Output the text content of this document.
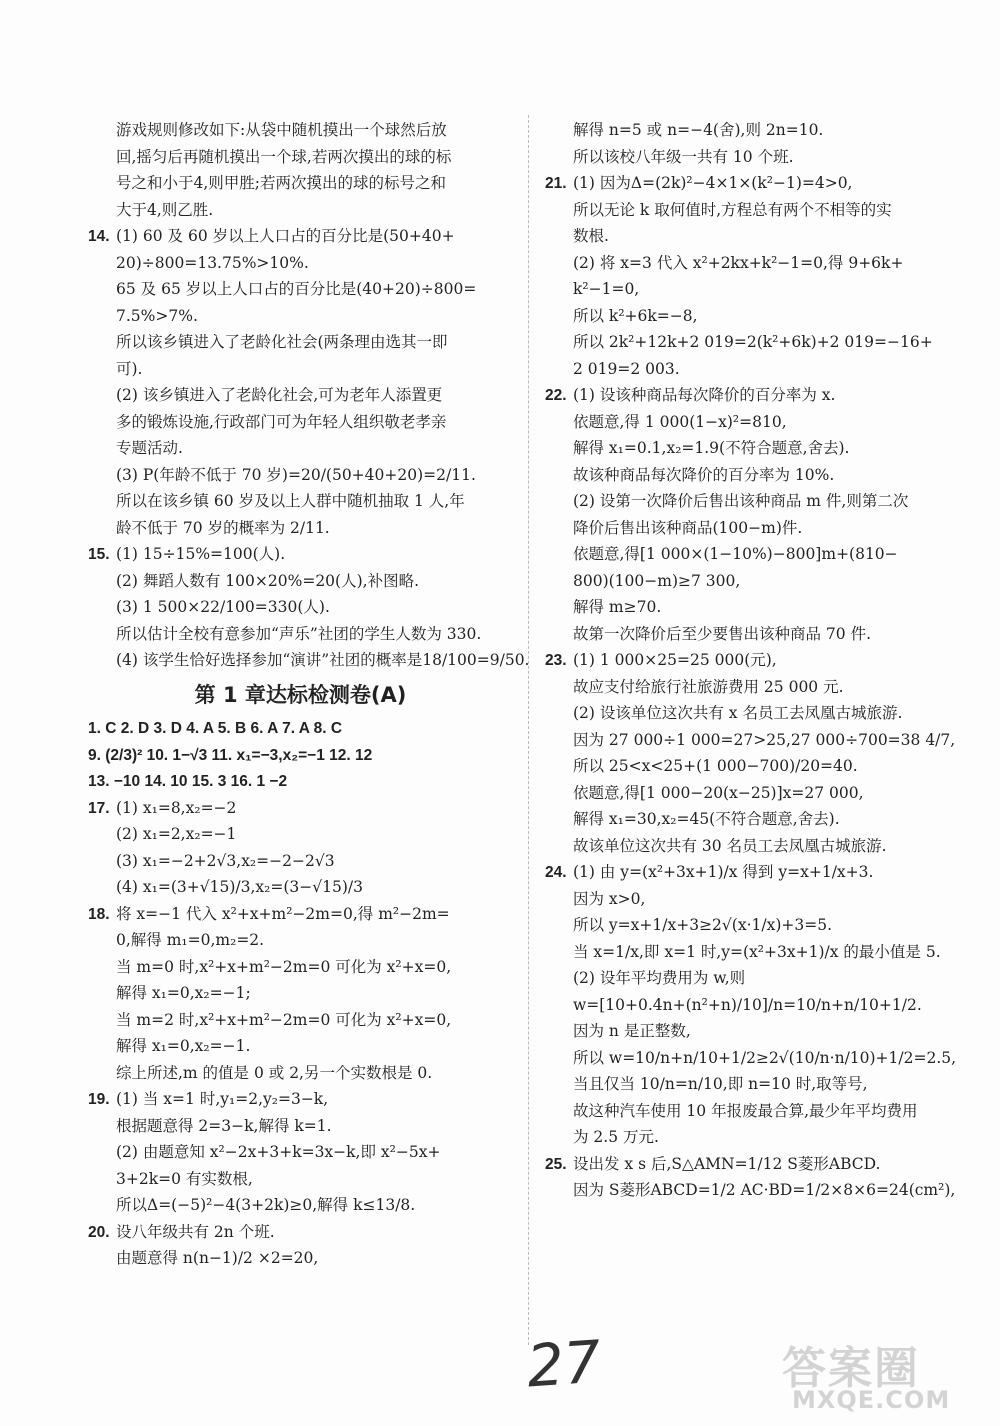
游戏规则修改如下:从袋中随机摸出一个球然后放
回,摇匀后再随机摸出一个球,若两次摸出的球的标
号之和小于4,则甲胜;若两次摸出的球的标号之和
大于4,则乙胜.
14. (1) 60 及 60 岁以上人口占的百分比是(50+40+
20)÷800=13.75%>10%.
65 及 65 岁以上人口占的百分比是(40+20)÷800=
7.5%>7%.
所以该乡镇进入了老龄化社会(两条理由选其一即
可).
(2) 该乡镇进入了老龄化社会,可为老年人添置更
多的锻炼设施,行政部门可为年轻人组织敬老孝亲
专题活动.
(3) P(年龄不低于 70 岁)=20/(50+40+20)=2/11.
所以在该乡镇 60 岁及以上人群中随机抽取 1 人,年
龄不低于 70 岁的概率为 2/11.
15. (1) 15÷15%=100(人).
(2) 舞蹈人数有 100×20%=20(人),补图略.
(3) 1 500×22/100=330(人).
所以估计全校有意参加“声乐”社团的学生人数为 330.
(4) 该学生恰好选择参加“演讲”社团的概率是18/100=9/50.
第 1 章达标检测卷(A)
1. C 2. D 3. D 4. A 5. B 6. A 7. A 8. C
9. (2/3)² 10. 1−√3 11. x₁=−3,x₂=−1 12. 12
13. −10 14. 10 15. 3 16. 1 −2
17. (1) x₁=8,x₂=−2
(2) x₁=2,x₂=−1
(3) x₁=−2+2√3,x₂=−2−2√3
(4) x₁=(3+√15)/3,x₂=(3−√15)/3
18. 将 x=−1 代入 x²+x+m²−2m=0,得 m²−2m=
0,解得 m₁=0,m₂=2.
当 m=0 时,x²+x+m²−2m=0 可化为 x²+x=0,
解得 x₁=0,x₂=−1;
当 m=2 时,x²+x+m²−2m=0 可化为 x²+x=0,
解得 x₁=0,x₂=−1.
综上所述,m 的值是 0 或 2,另一个实数根是 0.
19. (1) 当 x=1 时,y₁=2,y₂=3−k,
根据题意得 2=3−k,解得 k=1.
(2) 由题意知 x²−2x+3+k=3x−k,即 x²−5x+
3+2k=0 有实数根,
所以Δ=(−5)²−4(3+2k)≥0,解得 k≤13/8.
20. 设八年级共有 2n 个班.
由题意得 n(n−1)/2 ×2=20,
解得 n=5 或 n=−4(舍),则 2n=10.
所以该校八年级一共有 10 个班.
21. (1) 因为Δ=(2k)²−4×1×(k²−1)=4>0,
所以无论 k 取何值时,方程总有两个不相等的实
数根.
(2) 将 x=3 代入 x²+2kx+k²−1=0,得 9+6k+
k²−1=0,
所以 k²+6k=−8,
所以 2k²+12k+2 019=2(k²+6k)+2 019=−16+
2 019=2 003.
22. (1) 设该种商品每次降价的百分率为 x.
依题意,得 1 000(1−x)²=810,
解得 x₁=0.1,x₂=1.9(不符合题意,舍去).
故该种商品每次降价的百分率为 10%.
(2) 设第一次降价后售出该种商品 m 件,则第二次
降价后售出该种商品(100−m)件.
依题意,得[1 000×(1−10%)−800]m+(810−
800)(100−m)≥7 300,
解得 m≥70.
故第一次降价后至少要售出该种商品 70 件.
23. (1) 1 000×25=25 000(元),
故应支付给旅行社旅游费用 25 000 元.
(2) 设该单位这次共有 x 名员工去凤凰古城旅游.
因为 27 000÷1 000=27>25,27 000÷700=38 4/7,
所以 25<x<25+(1 000−700)/20=40.
依题意,得[1 000−20(x−25)]x=27 000,
解得 x₁=30,x₂=45(不符合题意,舍去).
故该单位这次共有 30 名员工去凤凰古城旅游.
24. (1) 由 y=(x²+3x+1)/x 得到 y=x+1/x+3.
因为 x>0,
所以 y=x+1/x+3≥2√(x·1/x)+3=5.
当 x=1/x,即 x=1 时,y=(x²+3x+1)/x 的最小值是 5.
(2) 设年平均费用为 w,则
w=[10+0.4n+(n²+n)/10]/n=10/n+n/10+1/2.
因为 n 是正整数,
所以 w=10/n+n/10+1/2≥2√(10/n·n/10)+1/2=2.5,
当且仅当 10/n=n/10,即 n=10 时,取等号,
故这种汽车使用 10 年报废最合算,最少年平均费用
为 2.5 万元.
25. 设出发 x s 后,S△AMN=1/12 S菱形ABCD.
因为 S菱形ABCD=1/2 AC·BD=1/2×8×6=24(cm²),
27	答案圈
MXQE.COM
